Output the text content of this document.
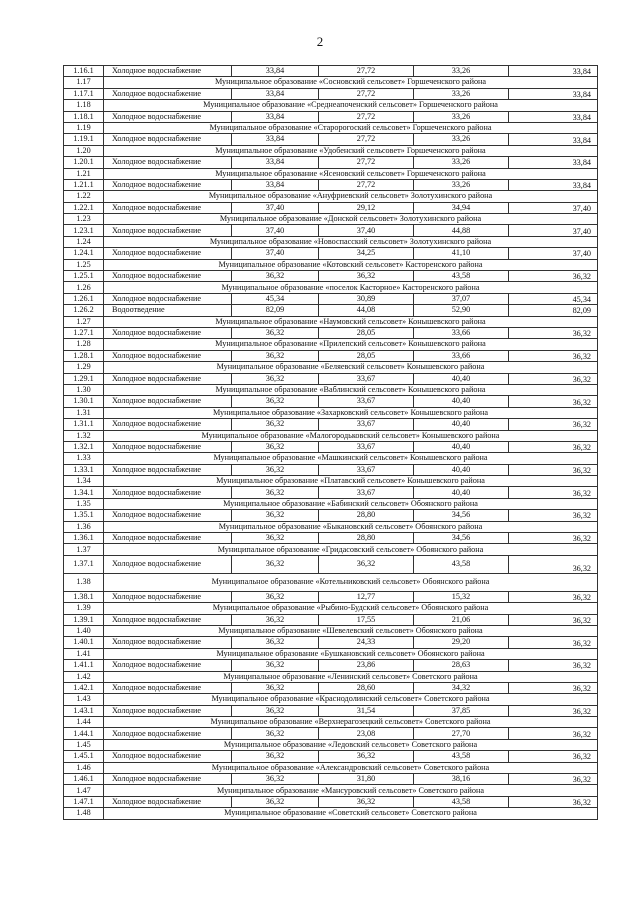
2
1.16.1	Холодное водоснабжение	33,84	27,72	33,26	33,84
1.17	Муниципальное образование «Сосновский сельсовет» Горшеченского района				
1.17.1	Холодное водоснабжение	33,84	27,72	33,26	33,84
1.18	Муниципальное образование «Среднеапоченский сельсовет» Горшеченского района				
1.18.1	Холодное водоснабжение	33,84	27,72	33,26	33,84
1.19	Муниципальное образование «Старорогоский сельсовет» Горшеченского района				
1.19.1	Холодное водоснабжение	33,84	27,72	33,26	33,84
1.20	Муниципальное образование «Удобенский сельсовет» Горшеченского района				
1.20.1	Холодное водоснабжение	33,84	27,72	33,26	33,84
1.21	Муниципальное образование «Ясеновский сельсовет» Горшеченского района				
1.21.1	Холодное водоснабжение	33,84	27,72	33,26	33,84
1.22	Муниципальное образование «Ануфриевский сельсовет» Золотухинского района				
1.22.1	Холодное водоснабжение	37,40	29,12	34,94	37,40
1.23	Муниципальное образование «Донской сельсовет» Золотухинского района				
1.23.1	Холодное водоснабжение	37,40	37,40	44,88	37,40
1.24	Муниципальное образование «Новоспасский сельсовет» Золотухинского района				
1.24.1	Холодное водоснабжение	37,40	34,25	41,10	37,40
1.25	Муниципальное образование «Котовский сельсовет» Касторенского района				
1.25.1	Холодное водоснабжение	36,32	36,32	43,58	36,32
1.26	Муниципальное образование «поселок Касторное» Касторенского района				
1.26.1	Холодное водоснабжение	45,34	30,89	37,07	45,34
1.26.2	Водоотведение	82,09	44,08	52,90	82,09
1.27	Муниципальное образование «Наумовский сельсовет» Конышевского района				
1.27.1	Холодное водоснабжение	36,32	28,05	33,66	36,32
1.28	Муниципальное образование «Прилепский сельсовет» Конышевского района				
1.28.1	Холодное водоснабжение	36,32	28,05	33,66	36,32
1.29	Муниципальное образование «Беляевский сельсовет» Конышевского района				
1.29.1	Холодное водоснабжение	36,32	33,67	40,40	36,32
1.30	Муниципальное образование «Ваблинский сельсовет» Конышевского района				
1.30.1	Холодное водоснабжение	36,32	33,67	40,40	36,32
1.31	Муниципальное образование «Захарковский сельсовет» Конышевского района				
1.31.1	Холодное водоснабжение	36,32	33,67	40,40	36,32
1.32	Муниципальное образование «Малогородьковский сельсовет» Конышевского района				
1.32.1	Холодное водоснабжение	36,32	33,67	40,40	36,32
1.33	Муниципальное образование «Машкинский сельсовет» Конышевского района				
1.33.1	Холодное водоснабжение	36,32	33,67	40,40	36,32
1.34	Муниципальное образование «Платавский сельсовет» Конышевского района				
1.34.1	Холодное водоснабжение	36,32	33,67	40,40	36,32
1.35	Муниципальное образование «Бабинский сельсовет» Обоянского района				
1.35.1	Холодное водоснабжение	36,32	28,80	34,56	36,32
1.36	Муниципальное образование «Быкановский сельсовет» Обоянского района				
1.36.1	Холодное водоснабжение	36,32	28,80	34,56	36,32
1.37	Муниципальное образование «Гридасовский сельсовет» Обоянского района				
1.37.1	Холодное водоснабжение	36,32	36,32	43,58	36,32
1.38	Муниципальное образование «Котельниковский сельсовет» Обоянского района				
1.38.1	Холодное водоснабжение	36,32	12,77	15,32	36,32
1.39	Муниципальное образование «Рыбино-Будский сельсовет» Обоянского района				
1.39.1	Холодное водоснабжение	36,32	17,55	21,06	36,32
1.40	Муниципальное образование «Шевелевский сельсовет» Обоянского района				
1.40.1	Холодное водоснабжение	36,32	24,33	29,20	36,32
1.41	Муниципальное образование «Бушкановский сельсовет» Обоянского района				
1.41.1	Холодное водоснабжение	36,32	23,86	28,63	36,32
1.42	Муниципальное образование «Ленинский сельсовет» Советского района				
1.42.1	Холодное водоснабжение	36,32	28,60	34,32	36,32
1.43	Муниципальное образование «Краснодолинский сельсовет» Советского района				
1.43.1	Холодное водоснабжение	36,32	31,54	37,85	36,32
1.44	Муниципальное образование «Верхнерагозецкий сельсовет» Советского района				
1.44.1	Холодное водоснабжение	36,32	23,08	27,70	36,32
1.45	Муниципальное образование «Ледовский сельсовет» Советского района				
1.45.1	Холодное водоснабжение	36,32	36,32	43,58	36,32
1.46	Муниципальное образование «Александровский сельсовет» Советского района				
1.46.1	Холодное водоснабжение	36,32	31,80	38,16	36,32
1.47	Муниципальное образование «Мансуровский сельсовет» Советского района				
1.47.1	Холодное водоснабжение	36,32	36,32	43,58	36,32
1.48	Муниципальное образование «Советский сельсовет» Советского района				
